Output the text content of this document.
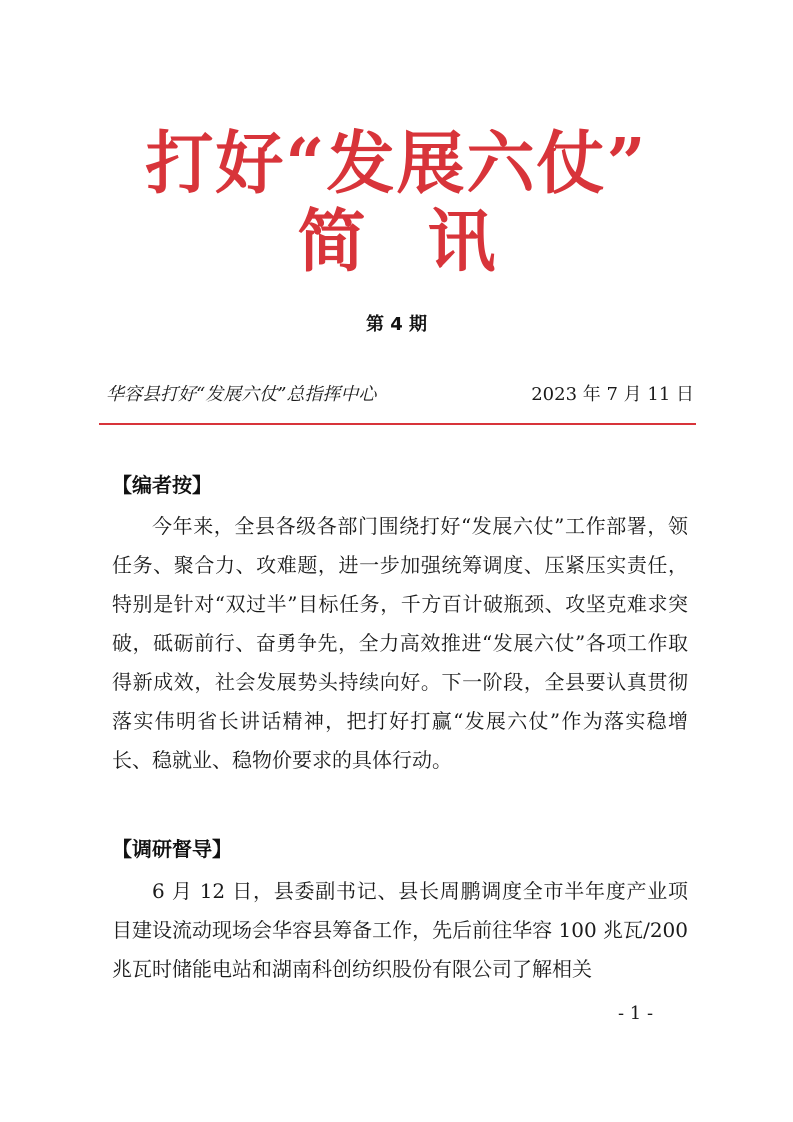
打好“发展六仗”
简讯
第 4 期
华容县打好“发展六仗”总指挥中心	2023 年 7 月 11 日
【编者按】

今年来，全县各级各部门围绕打好“发展六仗”工作部署，领任务、聚合力、攻难题，进一步加强统筹调度、压紧压实责任，特别是针对“双过半”目标任务，千方百计破瓶颈、攻坚克难求突破，砥砺前行、奋勇争先，全力高效推进“发展六仗”各项工作取得新成效，社会发展势头持续向好。下一阶段，全县要认真贯彻落实伟明省长讲话精神，把打好打赢“发展六仗”作为落实稳增长、稳就业、稳物价要求的具体行动。

【调研督导】

6 月 12 日，县委副书记、县长周鹏调度全市半年度产业项目建设流动现场会华容县筹备工作，先后前往华容 100 兆瓦/200 兆瓦时储能电站和湖南科创纺织股份有限公司了解相关

- 1 -
